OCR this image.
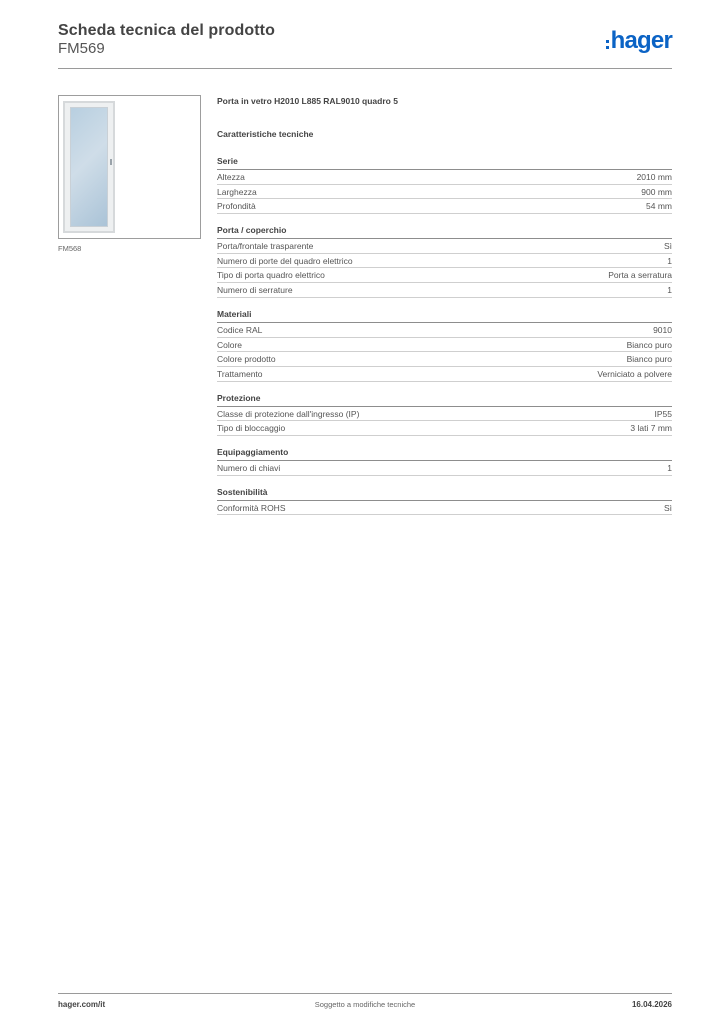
Scheda tecnica del prodotto
FM569	hager
FM568
Porta in vetro H2010 L885 RAL9010 quadro 5
Caratteristiche tecniche
Serie
Altezza	2010 mm
Larghezza	900 mm
Profondità	54 mm
Porta / coperchio
Porta/frontale trasparente	Sì
Numero di porte del quadro elettrico	1
Tipo di porta quadro elettrico	Porta a serratura
Numero di serrature	1
Materiali
Codice RAL	9010
Colore	Bianco puro
Colore prodotto	Bianco puro
Trattamento	Verniciato a polvere
Protezione
Classe di protezione dall'ingresso (IP)	IP55
Tipo di bloccaggio	3 lati 7 mm
Equipaggiamento
Numero di chiavi	1
Sostenibilità
Conformità ROHS	Sì
hager.com/it	Soggetto a modifiche tecniche	16.04.2026
